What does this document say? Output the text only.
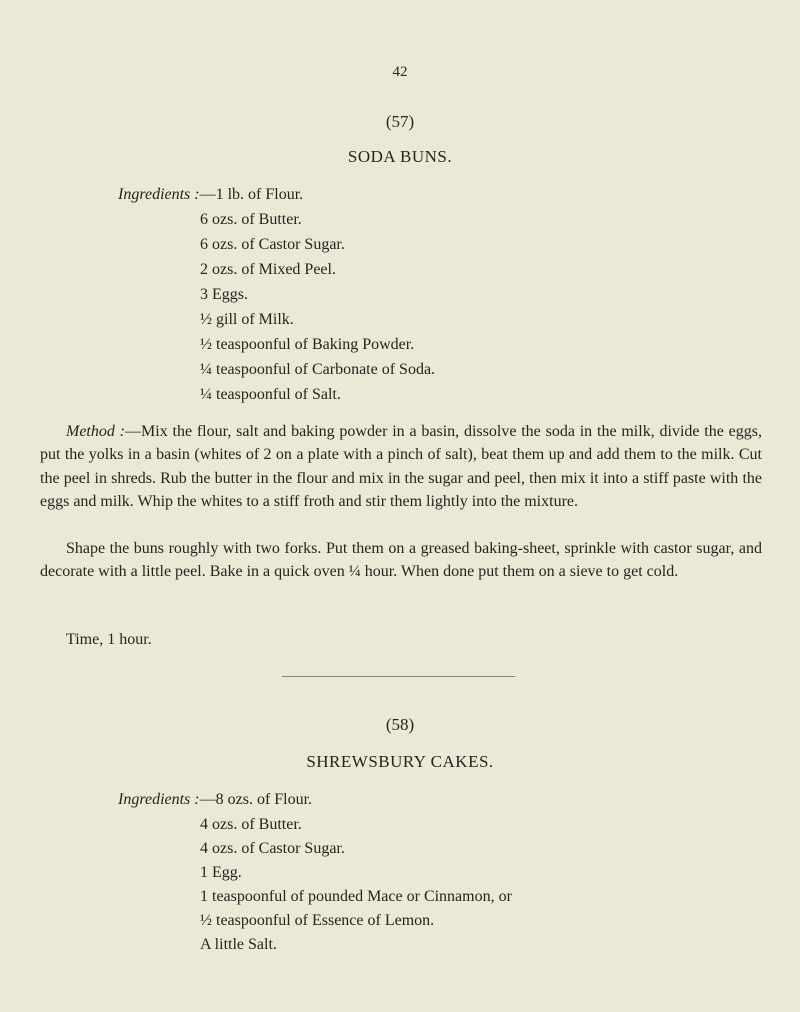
42
(57)
SODA BUNS.
Ingredients :—1 lb. of Flour.
6 ozs. of Butter.
6 ozs. of Castor Sugar.
2 ozs. of Mixed Peel.
3 Eggs.
½ gill of Milk.
½ teaspoonful of Baking Powder.
¼ teaspoonful of Carbonate of Soda.
¼ teaspoonful of Salt.
Method :—Mix the flour, salt and baking powder in a basin, dissolve the soda in the milk, divide the eggs, put the yolks in a basin (whites of 2 on a plate with a pinch of salt), beat them up and add them to the milk. Cut the peel in shreds. Rub the butter in the flour and mix in the sugar and peel, then mix it into a stiff paste with the eggs and milk. Whip the whites to a stiff froth and stir them lightly into the mixture.
Shape the buns roughly with two forks. Put them on a greased baking-sheet, sprinkle with castor sugar, and decorate with a little peel. Bake in a quick oven ¼ hour. When done put them on a sieve to get cold.
Time, 1 hour.
(58)
SHREWSBURY CAKES.
Ingredients :—8 ozs. of Flour.
4 ozs. of Butter.
4 ozs. of Castor Sugar.
1 Egg.
1 teaspoonful of pounded Mace or Cinnamon, or
½ teaspoonful of Essence of Lemon.
A little Salt.
